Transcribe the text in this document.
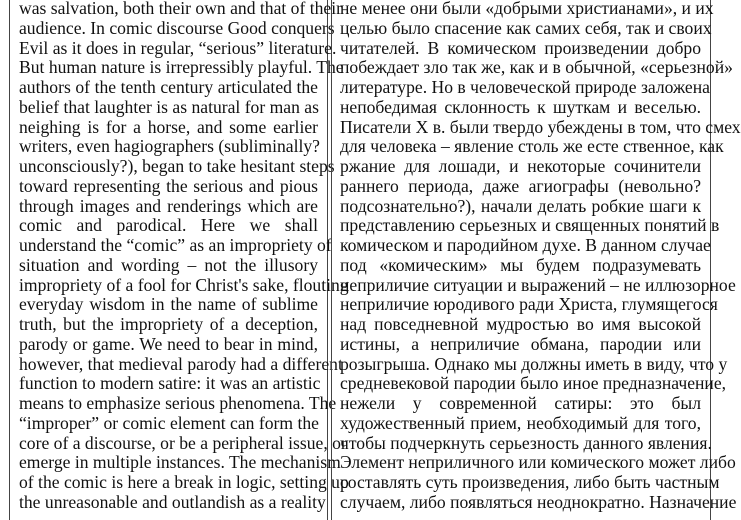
was salvation, both their own and that of their
audience. In comic discourse Good conquers
Evil as it does in regular, “serious” literature.
But human nature is irrepressibly playful. The
authors of the tenth century articulated the
belief that laughter is as natural for man as
neighing is for a horse, and some earlier
writers, even hagiographers (subliminally?
unconsciously?), began to take hesitant steps
toward representing the serious and pious
through images and renderings which are
comic and parodical. Here we shall
understand the “comic” as an impropriety of
situation and wording – not the illusory
impropriety of a fool for Christ's sake, flouting
everyday wisdom in the name of sublime
truth, but the impropriety of a deception,
parody or game. We need to bear in mind,
however, that medieval parody had a different
function to modern satire: it was an artistic
means to emphasize serious phenomena. The
“improper” or comic element can form the
core of a discourse, or be a peripheral issue, or
emerge in multiple instances. The mechanism
of the comic is here a break in logic, setting up
the unreasonable and outlandish as a reality
не менее они были «добрыми христианами», и их
целью было спасение как самих себя, так и своих
читателей. В комическом произведении добро
побеждает зло так же, как и в обычной, «серьезной»
литературе. Но в человеческой природе заложена
непобедимая склонность к шуткам и веселью.
Писатели X в. были твердо убеждены в том, что смех
для человека – явление столь же есте ственное, как
ржание для лошади, и некоторые сочинители
раннего периода, даже агиографы (невольно?
подсознательно?), начали делать робкие шаги к
представлению серьезных и священных понятий в
комическом и пародийном духе. В данном случае
под «комическим» мы будем подразумевать
неприличие ситуации и выражений – не иллюзорное
неприличие юродивого ради Христа, глумящегося
над повседневной мудростью во имя высокой
истины, а неприличие обмана, пародии или
розыгрыша. Однако мы должны иметь в виду, что у
средневековой пародии было иное предназначение,
нежели у современной сатиры: это был
художественный прием, необходимый для того,
чтобы подчеркнуть серьезность данного явления.
Элемент неприличного или комического может либо
составлять суть произведения, либо быть частным
случаем, либо появляться неоднократно. Назначение
